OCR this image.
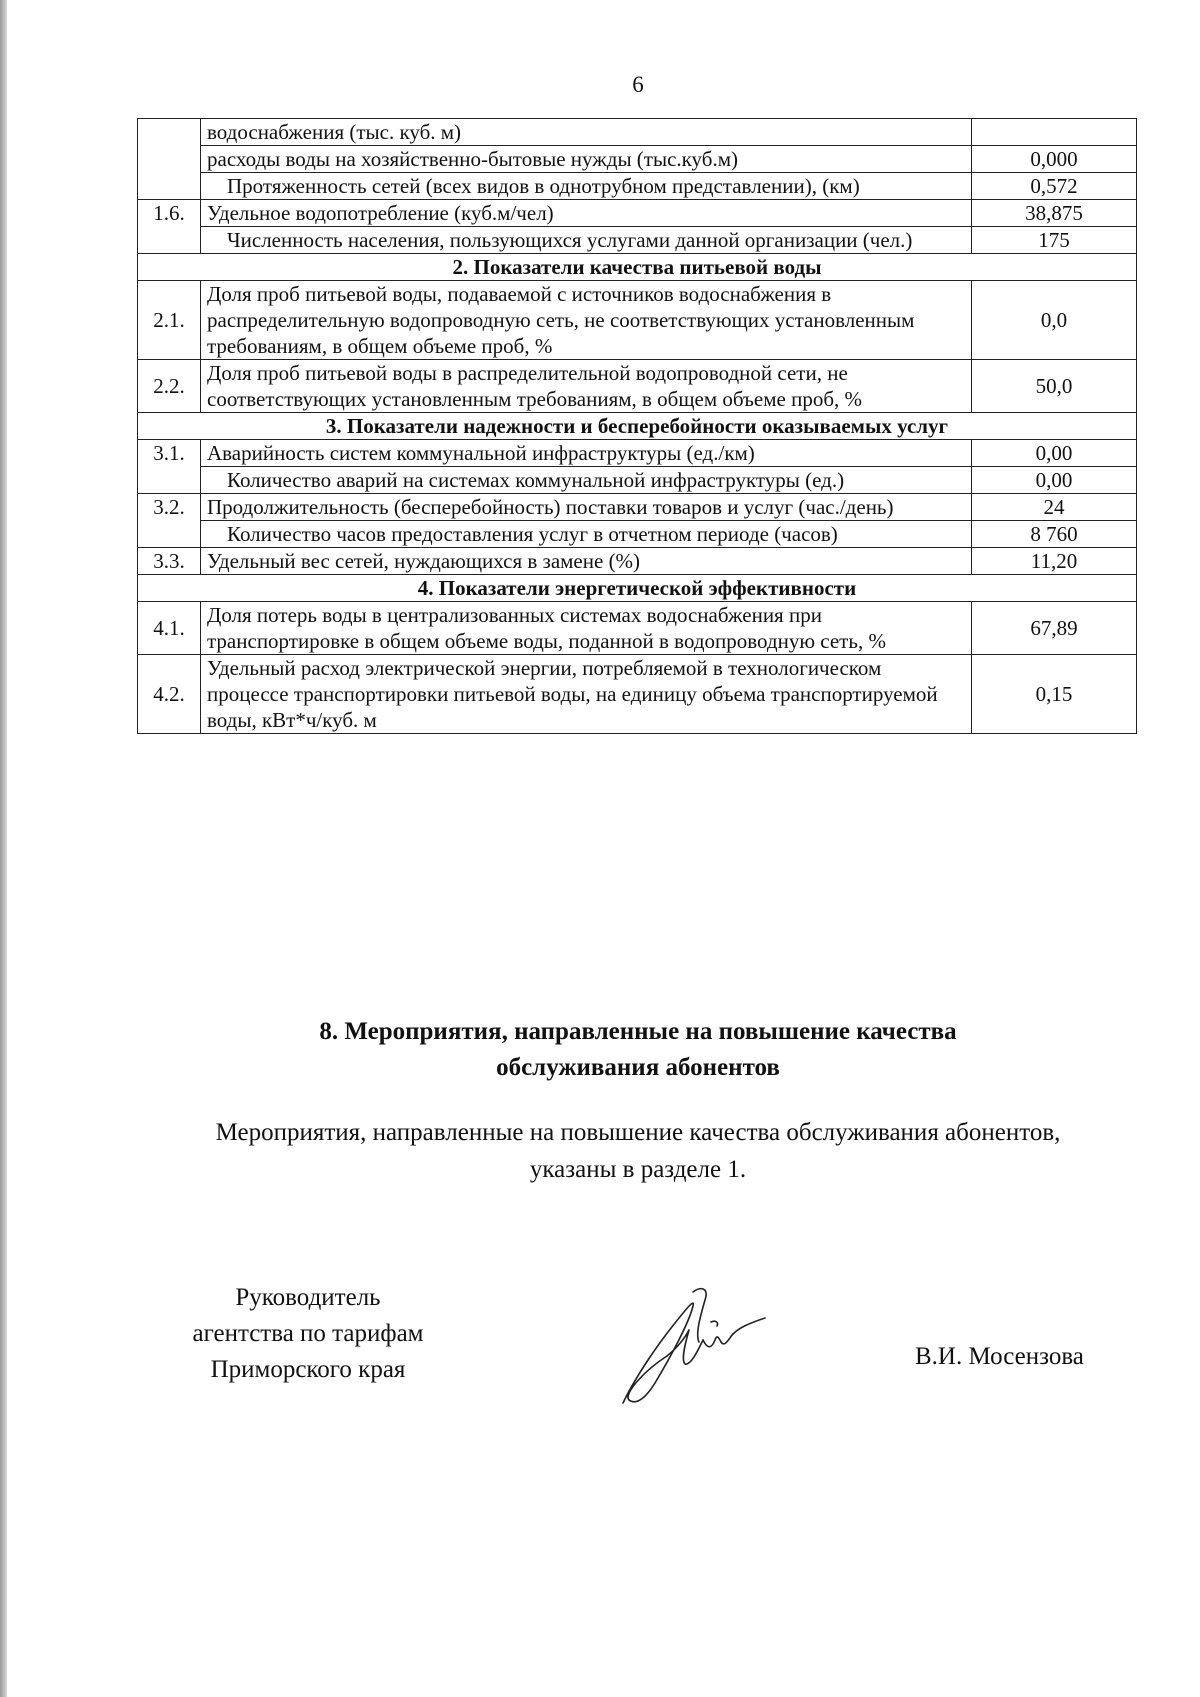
6
	водоснабжения (тыс. куб. м)	
	расходы воды на хозяйственно-бытовые нужды (тыс.куб.м)	0,000
	Протяженность сетей (всех видов в однотрубном представлении), (км)	0,572
1.6.	Удельное водопотребление (куб.м/чел)	38,875
	Численность населения, пользующихся услугами данной организации (чел.)	175
2. Показатели качества питьевой воды		
2.1.	Доля проб питьевой воды, подаваемой с источников водоснабжения в распределительную водопроводную сеть, не соответствующих установленным требованиям, в общем объеме проб, %	0,0
2.2.	Доля проб питьевой воды в распределительной водопроводной сети, не соответствующих установленным требованиям, в общем объеме проб, %	50,0
3. Показатели надежности и бесперебойности оказываемых услуг		
3.1.	Аварийность систем коммунальной инфраструктуры (ед./км)	0,00
	Количество аварий на системах коммунальной инфраструктуры (ед.)	0,00
3.2.	Продолжительность (бесперебойность) поставки товаров и услуг (час./день)	24
	Количество часов предоставления услуг в отчетном периоде (часов)	8 760
3.3.	Удельный вес сетей, нуждающихся в замене (%)	11,20
4. Показатели энергетической эффективности		
4.1.	Доля потерь воды в централизованных системах водоснабжения при транспортировке в общем объеме воды, поданной в водопроводную сеть, %	67,89
4.2.	Удельный расход электрической энергии, потребляемой в технологическом процессе транспортировки питьевой воды, на единицу объема транспортируемой воды, кВт*ч/куб. м	0,15
8. Мероприятия, направленные на повышение качества
обслуживания абонентов
Мероприятия, направленные на повышение качества обслуживания абонентов,
указаны в разделе 1.
Руководитель
агентства по тарифам
Приморского края	В.И. Мосензова
